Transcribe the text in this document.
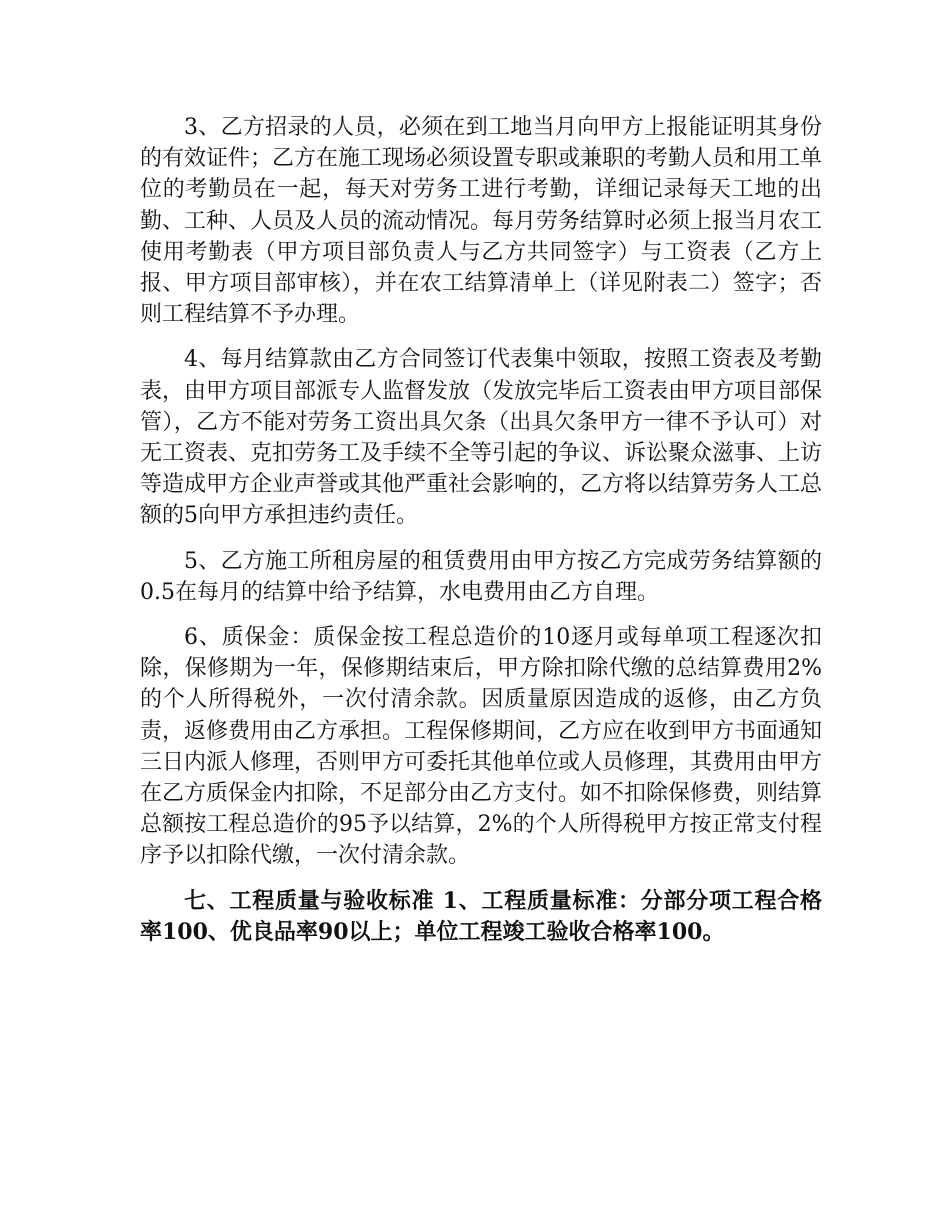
3、乙方招录的人员，必须在到工地当月向甲方上报能证明其身份的有效证件；乙方在施工现场必须设置专职或兼职的考勤人员和用工单位的考勤员在一起，每天对劳务工进行考勤，详细记录每天工地的出勤、工种、人员及人员的流动情况。每月劳务结算时必须上报当月农工使用考勤表（甲方项目部负责人与乙方共同签字）与工资表（乙方上报、甲方项目部审核），并在农工结算清单上（详见附表二）签字；否则工程结算不予办理。

4、每月结算款由乙方合同签订代表集中领取，按照工资表及考勤表，由甲方项目部派专人监督发放（发放完毕后工资表由甲方项目部保管），乙方不能对劳务工资出具欠条（出具欠条甲方一律不予认可）对无工资表、克扣劳务工及手续不全等引起的争议、诉讼聚众滋事、上访等造成甲方企业声誉或其他严重社会影响的，乙方将以结算劳务人工总额的5向甲方承担违约责任。

5、乙方施工所租房屋的租赁费用由甲方按乙方完成劳务结算额的0.5在每月的结算中给予结算，水电费用由乙方自理。

6、质保金：质保金按工程总造价的10逐月或每单项工程逐次扣除，保修期为一年，保修期结束后，甲方除扣除代缴的总结算费用2%的个人所得税外，一次付清余款。因质量原因造成的返修，由乙方负责，返修费用由乙方承担。工程保修期间，乙方应在收到甲方书面通知三日内派人修理，否则甲方可委托其他单位或人员修理，其费用由甲方在乙方质保金内扣除，不足部分由乙方支付。如不扣除保修费，则结算总额按工程总造价的95予以结算，2%的个人所得税甲方按正常支付程序予以扣除代缴，一次付清余款。

七、工程质量与验收标准 1、工程质量标准：分部分项工程合格率100、优良品率90以上；单位工程竣工验收合格率100。
